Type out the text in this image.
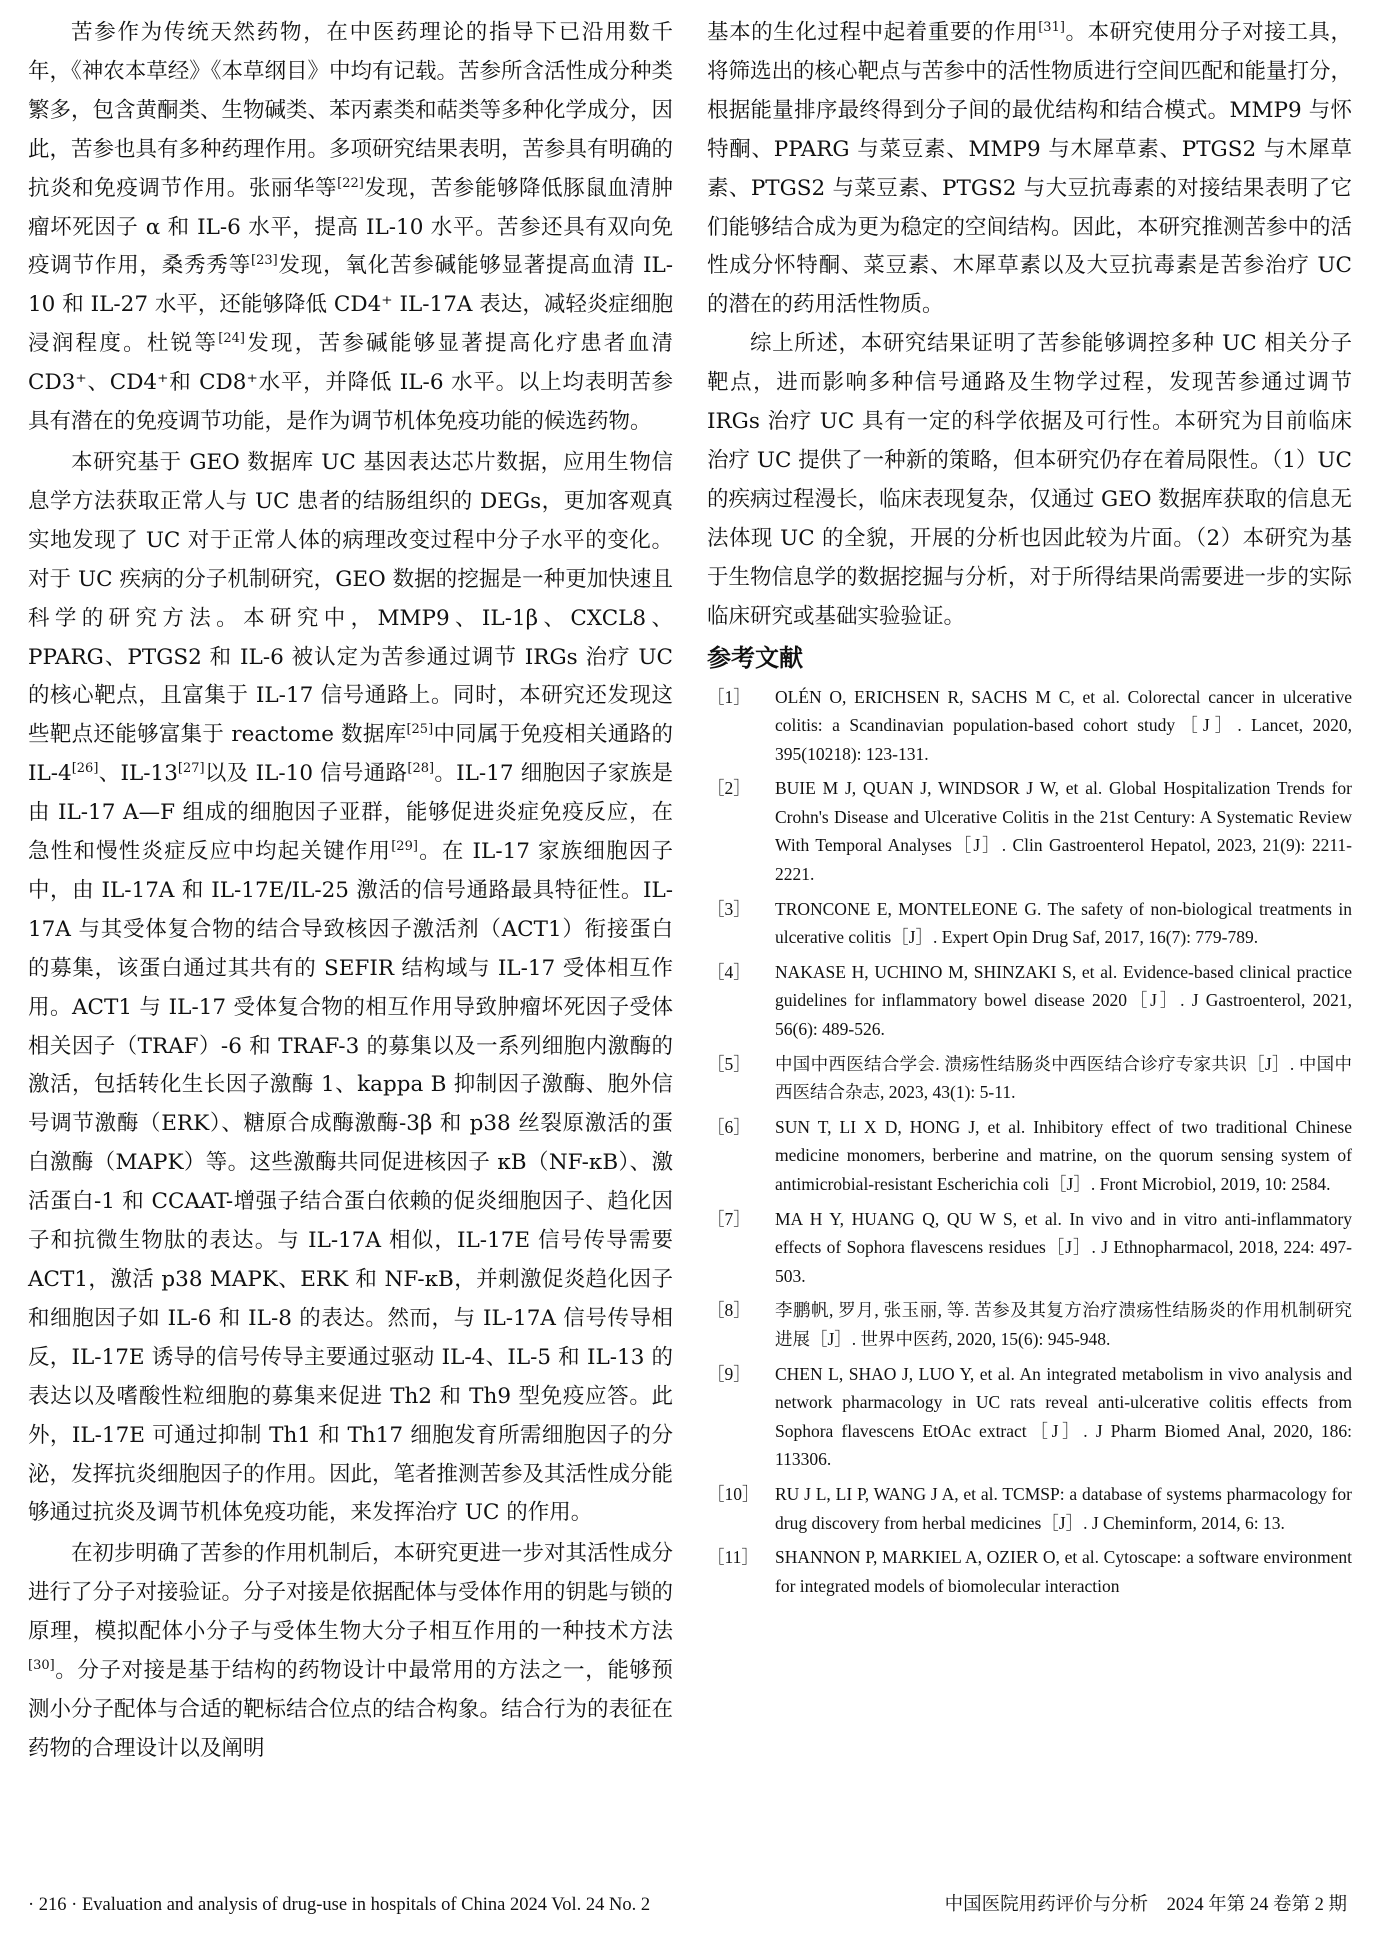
苦参作为传统天然药物，在中医药理论的指导下已沿用数千年，《神农本草经》《本草纲目》中均有记载。苦参所含活性成分种类繁多，包含黄酮类、生物碱类、苯丙素类和萜类等多种化学成分，因此，苦参也具有多种药理作用。多项研究结果表明，苦参具有明确的抗炎和免疫调节作用。张丽华等[22]发现，苦参能够降低豚鼠血清肿瘤坏死因子 α 和 IL-6 水平，提高 IL-10 水平。苦参还具有双向免疫调节作用，桑秀秀等[23]发现，氧化苦参碱能够显著提高血清 IL-10 和 IL-27 水平，还能够降低 CD4⁺ IL-17A 表达，减轻炎症细胞浸润程度。杜锐等[24]发现，苦参碱能够显著提高化疗患者血清 CD3⁺、CD4⁺和 CD8⁺水平，并降低 IL-6 水平。以上均表明苦参具有潜在的免疫调节功能，是作为调节机体免疫功能的候选药物。

本研究基于 GEO 数据库 UC 基因表达芯片数据，应用生物信息学方法获取正常人与 UC 患者的结肠组织的 DEGs，更加客观真实地发现了 UC 对于正常人体的病理改变过程中分子水平的变化。对于 UC 疾病的分子机制研究，GEO 数据的挖掘是一种更加快速且科学的研究方法。本研究中，MMP9、IL-1β、CXCL8、PPARG、PTGS2 和 IL-6 被认定为苦参通过调节 IRGs 治疗 UC 的核心靶点，且富集于 IL-17 信号通路上。同时，本研究还发现这些靶点还能够富集于 reactome 数据库[25]中同属于免疫相关通路的 IL-4[26]、IL-13[27]以及 IL-10 信号通路[28]。IL-17 细胞因子家族是由 IL-17 A—F 组成的细胞因子亚群，能够促进炎症免疫反应，在急性和慢性炎症反应中均起关键作用[29]。在 IL-17 家族细胞因子中，由 IL-17A 和 IL-17E/IL-25 激活的信号通路最具特征性。IL-17A 与其受体复合物的结合导致核因子激活剂（ACT1）衔接蛋白的募集，该蛋白通过其共有的 SEFIR 结构域与 IL-17 受体相互作用。ACT1 与 IL-17 受体复合物的相互作用导致肿瘤坏死因子受体相关因子（TRAF）-6 和 TRAF-3 的募集以及一系列细胞内激酶的激活，包括转化生长因子激酶 1、kappa B 抑制因子激酶、胞外信号调节激酶（ERK）、糖原合成酶激酶-3β 和 p38 丝裂原激活的蛋白激酶（MAPK）等。这些激酶共同促进核因子 κB（NF-κB）、激活蛋白-1 和 CCAAT-增强子结合蛋白依赖的促炎细胞因子、趋化因子和抗微生物肽的表达。与 IL-17A 相似，IL-17E 信号传导需要 ACT1，激活 p38 MAPK、ERK 和 NF-κB，并刺激促炎趋化因子和细胞因子如 IL-6 和 IL-8 的表达。然而，与 IL-17A 信号传导相反，IL-17E 诱导的信号传导主要通过驱动 IL-4、IL-5 和 IL-13 的表达以及嗜酸性粒细胞的募集来促进 Th2 和 Th9 型免疫应答。此外，IL-17E 可通过抑制 Th1 和 Th17 细胞发育所需细胞因子的分泌，发挥抗炎细胞因子的作用。因此，笔者推测苦参及其活性成分能够通过抗炎及调节机体免疫功能，来发挥治疗 UC 的作用。

在初步明确了苦参的作用机制后，本研究更进一步对其活性成分进行了分子对接验证。分子对接是依据配体与受体作用的钥匙与锁的原理，模拟配体小分子与受体生物大分子相互作用的一种技术方法[30]。分子对接是基于结构的药物设计中最常用的方法之一，能够预测小分子配体与合适的靶标结合位点的结合构象。结合行为的表征在药物的合理设计以及阐明

基本的生化过程中起着重要的作用[31]。本研究使用分子对接工具，将筛选出的核心靶点与苦参中的活性物质进行空间匹配和能量打分，根据能量排序最终得到分子间的最优结构和结合模式。MMP9 与怀特酮、PPARG 与菜豆素、MMP9 与木犀草素、PTGS2 与木犀草素、PTGS2 与菜豆素、PTGS2 与大豆抗毒素的对接结果表明了它们能够结合成为更为稳定的空间结构。因此，本研究推测苦参中的活性成分怀特酮、菜豆素、木犀草素以及大豆抗毒素是苦参治疗 UC 的潜在的药用活性物质。

综上所述，本研究结果证明了苦参能够调控多种 UC 相关分子靶点，进而影响多种信号通路及生物学过程，发现苦参通过调节 IRGs 治疗 UC 具有一定的科学依据及可行性。本研究为目前临床治疗 UC 提供了一种新的策略，但本研究仍存在着局限性。（1）UC 的疾病过程漫长，临床表现复杂，仅通过 GEO 数据库获取的信息无法体现 UC 的全貌，开展的分析也因此较为片面。（2）本研究为基于生物信息学的数据挖掘与分析，对于所得结果尚需要进一步的实际临床研究或基础实验验证。

参考文献
［1］	OLÉN O, ERICHSEN R, SACHS M C, et al. Colorectal cancer in ulcerative colitis: a Scandinavian population-based cohort study［J］. Lancet, 2020, 395(10218): 123-131.
［2］	BUIE M J, QUAN J, WINDSOR J W, et al. Global Hospitalization Trends for Crohn's Disease and Ulcerative Colitis in the 21st Century: A Systematic Review With Temporal Analyses［J］. Clin Gastroenterol Hepatol, 2023, 21(9): 2211-2221.
［3］	TRONCONE E, MONTELEONE G. The safety of non-biological treatments in ulcerative colitis［J］. Expert Opin Drug Saf, 2017, 16(7): 779-789.
［4］	NAKASE H, UCHINO M, SHINZAKI S, et al. Evidence-based clinical practice guidelines for inflammatory bowel disease 2020［J］. J Gastroenterol, 2021, 56(6): 489-526.
［5］	中国中西医结合学会. 溃疡性结肠炎中西医结合诊疗专家共识［J］. 中国中西医结合杂志, 2023, 43(1): 5-11.
［6］	SUN T, LI X D, HONG J, et al. Inhibitory effect of two traditional Chinese medicine monomers, berberine and matrine, on the quorum sensing system of antimicrobial-resistant Escherichia coli［J］. Front Microbiol, 2019, 10: 2584.
［7］	MA H Y, HUANG Q, QU W S, et al. In vivo and in vitro anti-inflammatory effects of Sophora flavescens residues［J］. J Ethnopharmacol, 2018, 224: 497-503.
［8］	李鹏帆, 罗月, 张玉丽, 等. 苦参及其复方治疗溃疡性结肠炎的作用机制研究进展［J］. 世界中医药, 2020, 15(6): 945-948.
［9］	CHEN L, SHAO J, LUO Y, et al. An integrated metabolism in vivo analysis and network pharmacology in UC rats reveal anti-ulcerative colitis effects from Sophora flavescens EtOAc extract［J］. J Pharm Biomed Anal, 2020, 186: 113306.
［10］ RU J L, LI P, WANG J A, et al. TCMSP: a database of systems pharmacology for drug discovery from herbal medicines［J］. J Cheminform, 2014, 6: 13.
［11］ SHANNON P, MARKIEL A, OZIER O, et al. Cytoscape: a software environment for integrated models of biomolecular interaction
· 216 · Evaluation and analysis of drug-use in hospitals of China 2024 Vol. 24 No. 2	中国医院用药评价与分析　2024 年第 24 卷第 2 期
